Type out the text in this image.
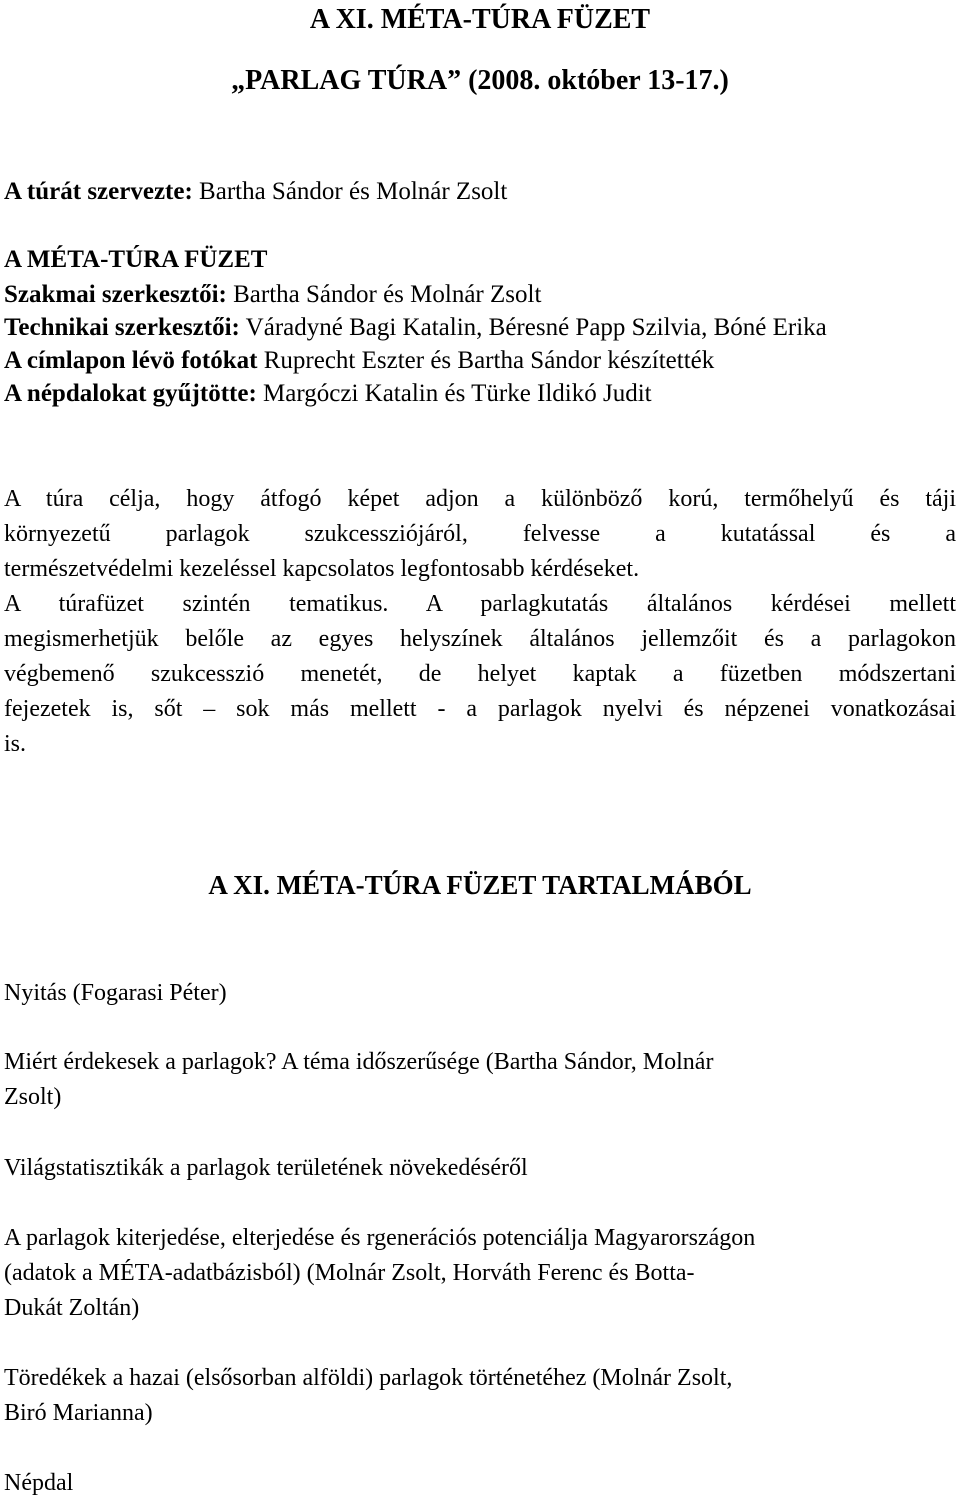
A XI. MÉTA-TÚRA FÜZET
„PARLAG TÚRA” (2008. október 13-17.)
A túrát szervezte: Bartha Sándor és Molnár Zsolt
A MÉTA-TÚRA FÜZET
Szakmai szerkesztői: Bartha Sándor és Molnár Zsolt
Technikai szerkesztői: Váradyné Bagi Katalin, Béresné Papp Szilvia, Bóné Erika
A címlapon lévö fotókat Ruprecht Eszter és Bartha Sándor készítették
A népdalokat gyűjtötte: Margóczi Katalin és Türke Ildikó Judit
A túra célja, hogy átfogó képet adjon a különböző korú, termőhelyű és táji
környezetű parlagok szukcessziójáról, felvesse a kutatással és a
természetvédelmi kezeléssel kapcsolatos legfontosabb kérdéseket.
A túrafüzet szintén tematikus. A parlagkutatás általános kérdései mellett
megismerhetjük belőle az egyes helyszínek általános jellemzőit és a parlagokon
végbemenő szukcesszió menetét, de helyet kaptak a füzetben módszertani
fejezetek is, sőt – sok más mellett - a parlagok nyelvi és népzenei vonatkozásai
is.
A XI. MÉTA-TÚRA FÜZET TARTALMÁBÓL
Nyitás (Fogarasi Péter)
Miért érdekesek a parlagok? A téma időszerűsége (Bartha Sándor, Molnár
Zsolt)
Világstatisztikák a parlagok területének növekedéséről
A parlagok kiterjedése, elterjedése és rgenerációs potenciálja Magyarországon
(adatok a MÉTA-adatbázisból) (Molnár Zsolt, Horváth Ferenc és Botta-
Dukát Zoltán)
Töredékek a hazai (elsősorban alföldi) parlagok történetéhez (Molnár Zsolt,
Biró Marianna)
Népdal
